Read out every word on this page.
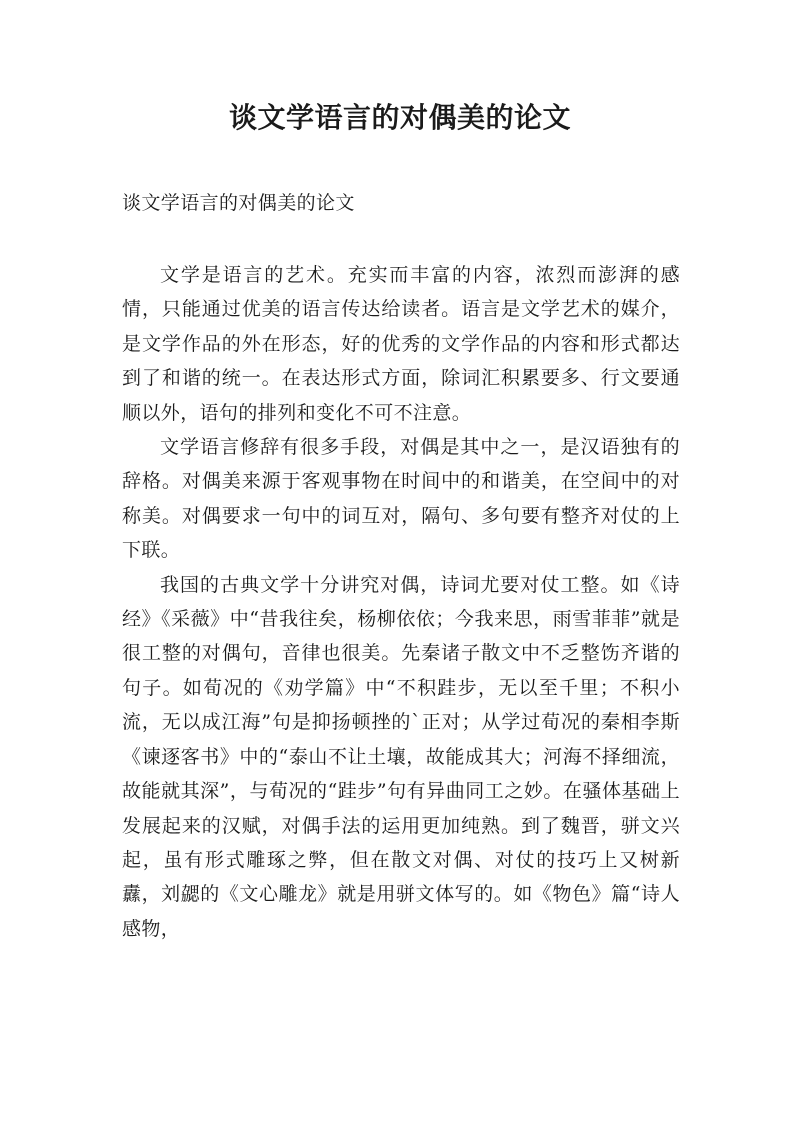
谈文学语言的对偶美的论文
谈文学语言的对偶美的论文

文学是语言的艺术。充实而丰富的内容，浓烈而澎湃的感情，只能通过优美的语言传达给读者。语言是文学艺术的媒介，是文学作品的外在形态，好的优秀的文学作品的内容和形式都达到了和谐的统一。在表达形式方面，除词汇积累要多、行文要通顺以外，语句的排列和变化不可不注意。

文学语言修辞有很多手段，对偶是其中之一，是汉语独有的辞格。对偶美来源于客观事物在时间中的和谐美，在空间中的对称美。对偶要求一句中的词互对，隔句、多句要有整齐对仗的上下联。

我国的古典文学十分讲究对偶，诗词尤要对仗工整。如《诗经》《采薇》中“昔我往矣，杨柳依依；今我来思，雨雪菲菲”就是很工整的对偶句，音律也很美。先秦诸子散文中不乏整饬齐谐的句子。如荀况的《劝学篇》中“不积跬步，无以至千里；不积小流，无以成江海”句是抑扬顿挫的`正对；从学过荀况的秦相李斯《谏逐客书》中的“泰山不让土壤，故能成其大；河海不择细流，故能就其深”，与荀况的“跬步”句有异曲同工之妙。在骚体基础上发展起来的汉赋，对偶手法的运用更加纯熟。到了魏晋，骈文兴起，虽有形式雕琢之弊，但在散文对偶、对仗的技巧上又树新纛，刘勰的《文心雕龙》就是用骈文体写的。如《物色》篇“诗人感物，
